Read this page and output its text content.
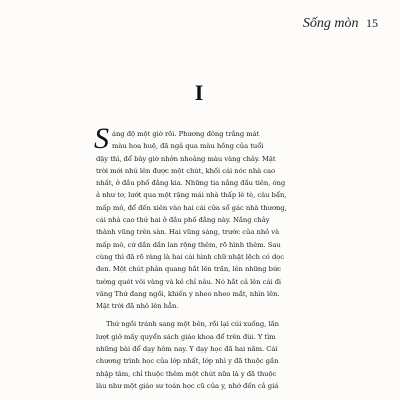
Sống mòn 15
I
Sáng độ một giờ rồi. Phương đông trắng mát
màu hoa huệ, đã ngả qua màu hồng của tuổi
dậy thì, để bây giờ nhởn nhoảng màu vàng chảy. Mặt
trời mới nhú lên được một chút, khối cái nóc nhà cao
nhất, ở đầu phố đằng kia. Những tia nắng đầu tiên, óng
ả như tơ, lướt qua một rặng mái nhà thấp lè tè, câu bẩn,
mấp mô, để đến xiên vào hai cái cửa sổ gác nhà thương,
cái nhà cao thứ hai ở đầu phố đằng này. Nắng chảy
thành vũng trên sàn. Hai vũng sáng, trước của nhỏ và
mấp mô, cứ dần dần lan rộng thêm, rõ hình thêm. Sau
cùng thì đã rõ ràng là hai cái hình chữ nhật lệch có dọc
đen. Một chút phản quang hắt lên trần, lên những bức
tường quét vôi vàng và kẻ chỉ nâu. Nó hắt cả lên cái đi
văng Thứ đang ngồi, khiến y nheo nheo mắt, nhìn lên.
Mặt trời đã nhô lên hẳn.
Thứ ngồi tránh sang một bên, rồi lại cúi xuống, lần
lượt giở mấy quyển sách giáo khoa để trên đùi. Y tìm
những bài để dạy hôm nay. Y dạy học đã hai năm. Cái
chương trình học của lớp nhất, lớp nhì y đã thuộc gần
nhập tâm, chỉ thuộc thêm một chút nữa là y đã thuộc
làu như một giáo sư toán học cũ của y, nhớ đến cả giá
